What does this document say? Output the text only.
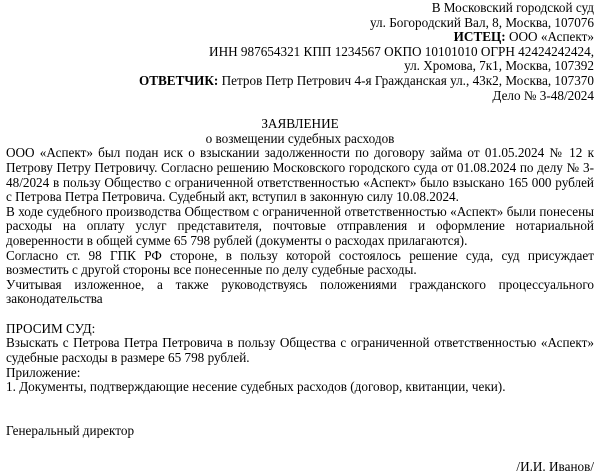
В Московский городской суд
ул. Богородский Вал, 8, Москва, 107076
ИСТЕЦ: ООО «Аспект»
ИНН 987654321 КПП 1234567 ОКПО 10101010 ОГРН 42424242424,
ул. Хромова, 7к1, Москва, 107392
ОТВЕТЧИК: Петров Петр Петрович 4-я Гражданская ул., 43к2, Москва, 107370
Дело № 3-48/2024
ЗАЯВЛЕНИЕ
о возмещении судебных расходов

ООО «Аспект» был подан иск о взыскании задолженности по договору займа от 01.05.2024 № 12 к Петрову Петру Петровичу. Согласно решению Московского городского суда от 01.08.2024 по делу № 3-48/2024 в пользу Общество с ограниченной ответственностью «Аспект» было взыскано 165 000 рублей с Петрова Петра Петровича. Судебный акт, вступил в законную силу 10.08.2024.

В ходе судебного производства Обществом с ограниченной ответственностью «Аспект» были понесены расходы на оплату услуг представителя, почтовые отправления и оформление нотариальной доверенности в общей сумме 65 798 рублей (документы о расходах прилагаются).

Согласно ст. 98 ГПК РФ стороне, в пользу которой состоялось решение суда, суд присуждает возместить с другой стороны все понесенные по делу судебные расходы.

Учитывая изложенное, а также руководствуясь положениями гражданского процессуального законодательства

ПРОСИМ СУД:

Взыскать с Петрова Петра Петровича в пользу Общества с ограниченной ответственностью «Аспект» судебные расходы в размере 65 798 рублей.

Приложение:

1. Документы, подтверждающие несение судебных расходов (договор, квитанции, чеки).

Генеральный директор

/И.И. Иванов/
